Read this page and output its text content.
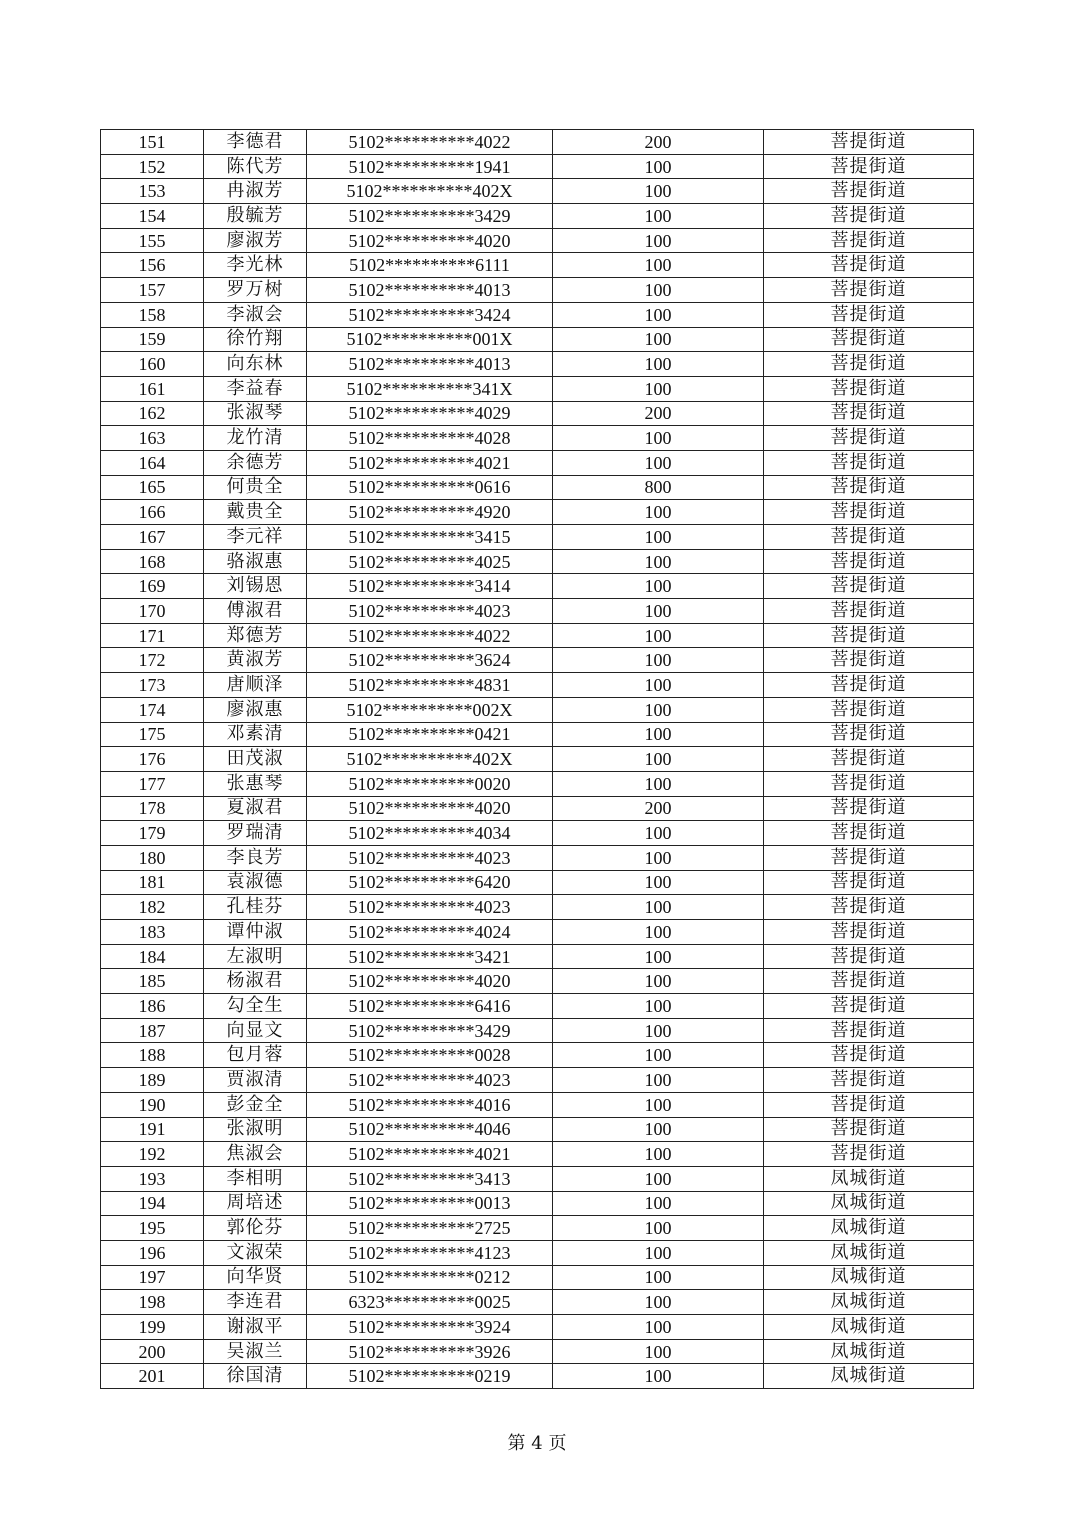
151	李德君	5102**********4022	200	菩提街道
152	陈代芳	5102**********1941	100	菩提街道
153	冉淑芳	5102**********402X	100	菩提街道
154	殷毓芳	5102**********3429	100	菩提街道
155	廖淑芳	5102**********4020	100	菩提街道
156	李光林	5102**********6111	100	菩提街道
157	罗万树	5102**********4013	100	菩提街道
158	李淑会	5102**********3424	100	菩提街道
159	徐竹翔	5102**********001X	100	菩提街道
160	向东林	5102**********4013	100	菩提街道
161	李益春	5102**********341X	100	菩提街道
162	张淑琴	5102**********4029	200	菩提街道
163	龙竹清	5102**********4028	100	菩提街道
164	余德芳	5102**********4021	100	菩提街道
165	何贵全	5102**********0616	800	菩提街道
166	戴贵全	5102**********4920	100	菩提街道
167	李元祥	5102**********3415	100	菩提街道
168	骆淑惠	5102**********4025	100	菩提街道
169	刘锡恩	5102**********3414	100	菩提街道
170	傅淑君	5102**********4023	100	菩提街道
171	郑德芳	5102**********4022	100	菩提街道
172	黄淑芳	5102**********3624	100	菩提街道
173	唐顺泽	5102**********4831	100	菩提街道
174	廖淑惠	5102**********002X	100	菩提街道
175	邓素清	5102**********0421	100	菩提街道
176	田茂淑	5102**********402X	100	菩提街道
177	张惠琴	5102**********0020	100	菩提街道
178	夏淑君	5102**********4020	200	菩提街道
179	罗瑞清	5102**********4034	100	菩提街道
180	李良芳	5102**********4023	100	菩提街道
181	袁淑德	5102**********6420	100	菩提街道
182	孔桂芬	5102**********4023	100	菩提街道
183	谭仲淑	5102**********4024	100	菩提街道
184	左淑明	5102**********3421	100	菩提街道
185	杨淑君	5102**********4020	100	菩提街道
186	勾全生	5102**********6416	100	菩提街道
187	向显文	5102**********3429	100	菩提街道
188	包月蓉	5102**********0028	100	菩提街道
189	贾淑清	5102**********4023	100	菩提街道
190	彭金全	5102**********4016	100	菩提街道
191	张淑明	5102**********4046	100	菩提街道
192	焦淑会	5102**********4021	100	菩提街道
193	李相明	5102**********3413	100	凤城街道
194	周培述	5102**********0013	100	凤城街道
195	郭伦芬	5102**********2725	100	凤城街道
196	文淑荣	5102**********4123	100	凤城街道
197	向华贤	5102**********0212	100	凤城街道
198	李连君	6323**********0025	100	凤城街道
199	谢淑平	5102**********3924	100	凤城街道
200	吴淑兰	5102**********3926	100	凤城街道
201	徐国清	5102**********0219	100	凤城街道
第 4 页
